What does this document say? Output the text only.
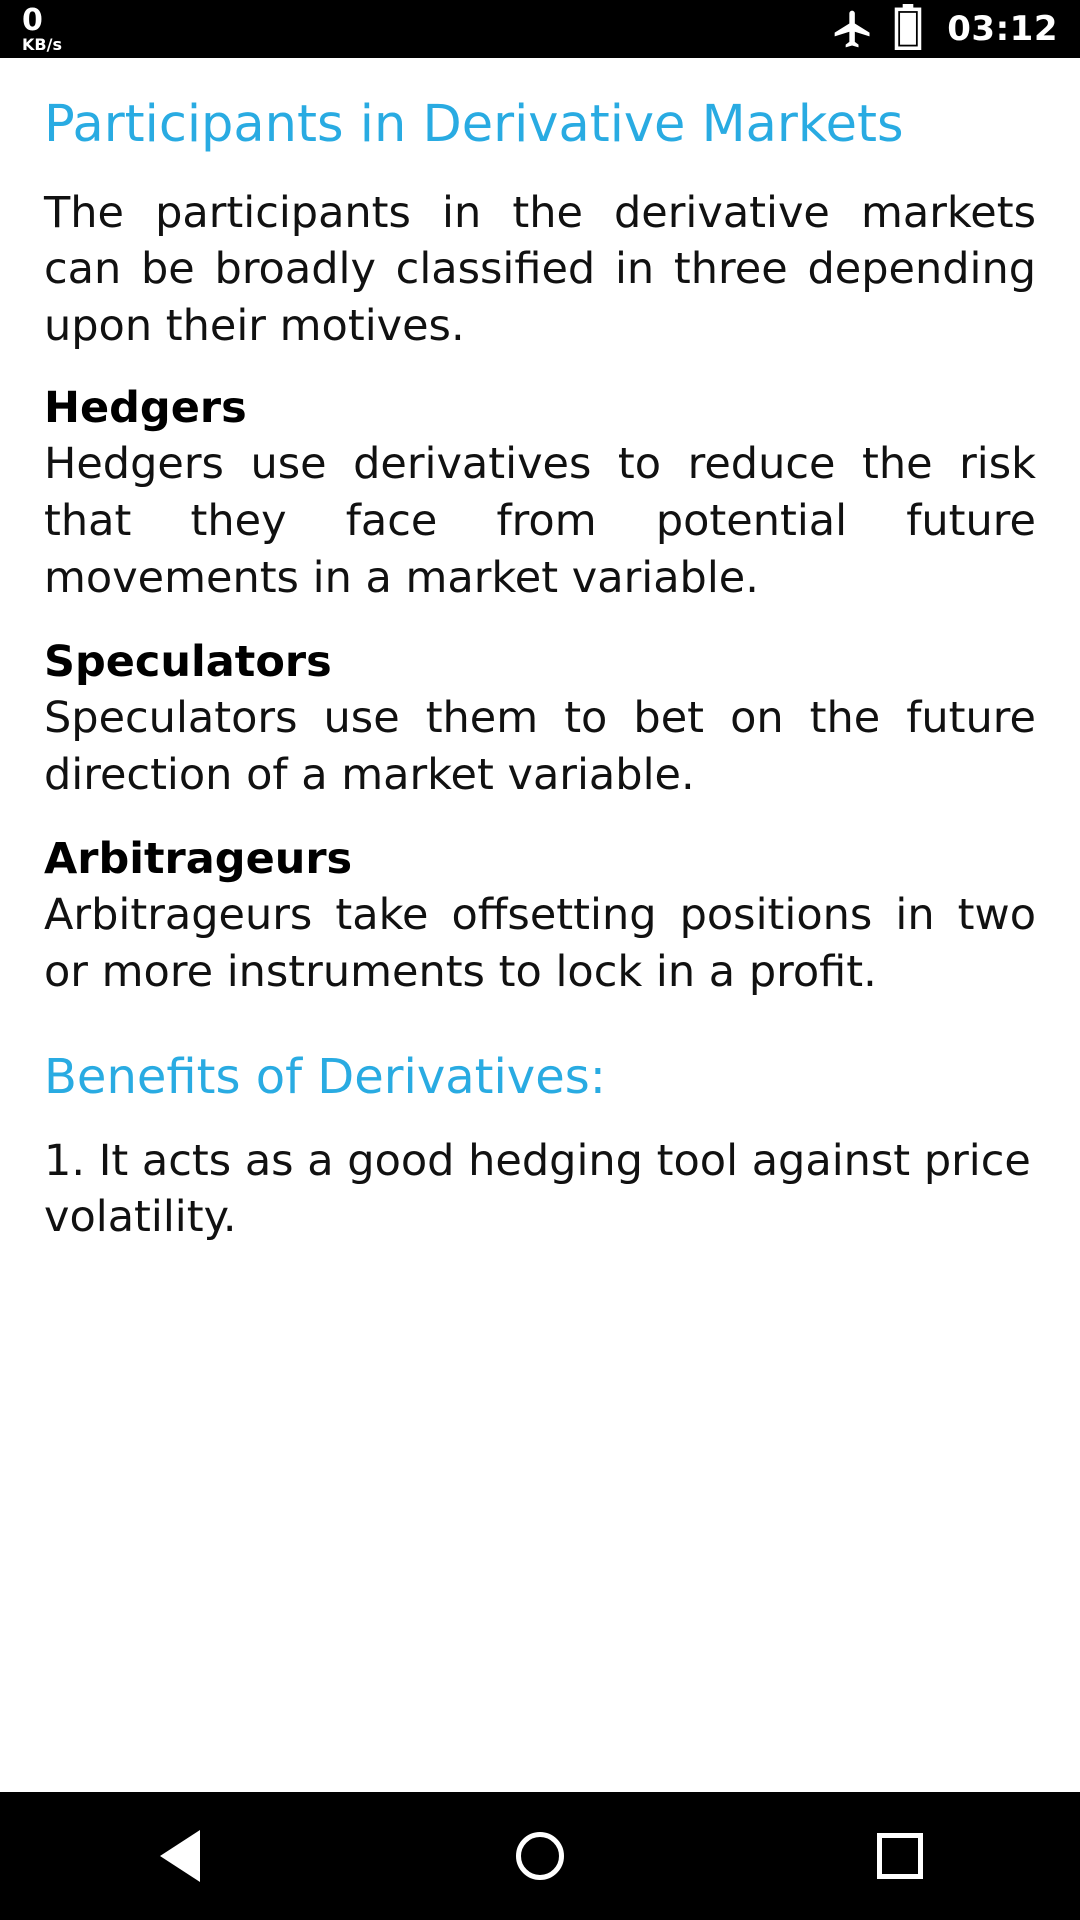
0
KB/s	03:12
Participants in Derivative Markets

The participants in the derivative markets can be broadly classified in three depending upon their motives.

Hedgers

Hedgers use derivatives to reduce the risk that they face from potential future movements in a market variable.

Speculators

Speculators use them to bet on the future direction of a market variable.

Arbitrageurs

Arbitrageurs take offsetting positions in two or more instruments to lock in a profit.

Benefits of Derivatives:

1. It acts as a good hedging tool against price volatility.
